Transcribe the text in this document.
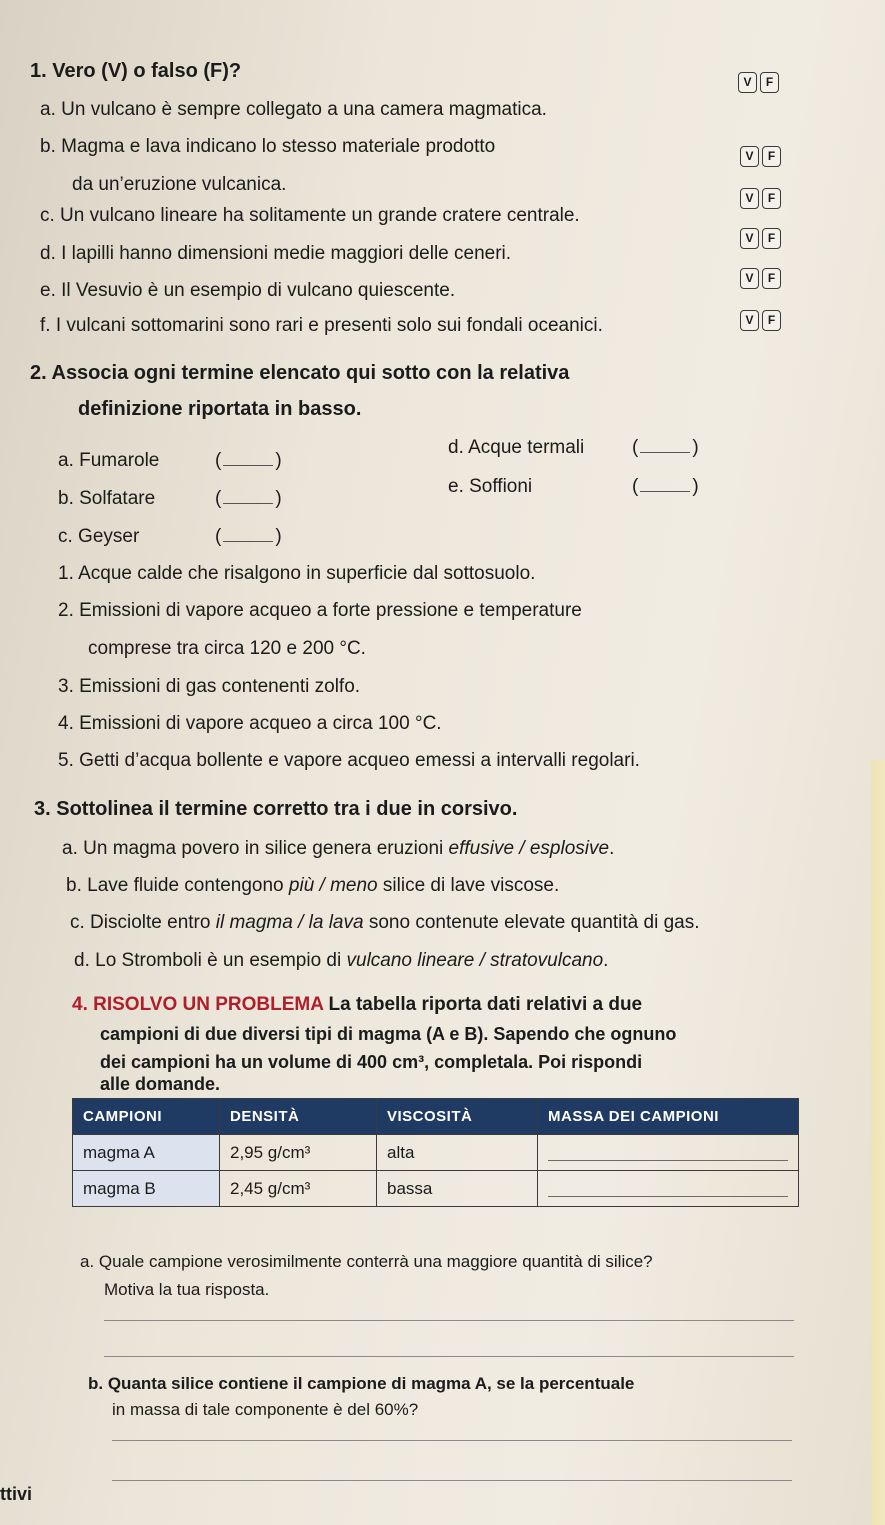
1. Vero (V) o falso (F)?
a. Un vulcano è sempre collegato a una camera magmatica.
V	F
b. Magma e lava indicano lo stesso materiale prodotto
da un’eruzione vulcanica.
V	F
c. Un vulcano lineare ha solitamente un grande cratere centrale.
V	F
d. I lapilli hanno dimensioni medie maggiori delle ceneri.
V	F
e. Il Vesuvio è un esempio di vulcano quiescente.
V	F
f. I vulcani sottomarini sono rari e presenti solo sui fondali oceanici.	V	F
2. Associa ogni termine elencato qui sotto con la relativa
definizione riportata in basso.
a. Fumarole	(	)
d. Acque termali	(	)
b. Solfatare	(	)
e. Soffioni	(	)
c. Geyser	(	)
1. Acque calde che risalgono in superficie dal sottosuolo.
2. Emissioni di vapore acqueo a forte pressione e temperature
comprese tra circa 120 e 200 °C.
3. Emissioni di gas contenenti zolfo.
4. Emissioni di vapore acqueo a circa 100 °C.
5. Getti d’acqua bollente e vapore acqueo emessi a intervalli regolari.
3. Sottolinea il termine corretto tra i due in corsivo.
a. Un magma povero in silice genera eruzioni effusive / esplosive.
b. Lave fluide contengono più / meno silice di lave viscose.
c. Disciolte entro il magma / la lava sono contenute elevate quantità di gas.
d. Lo Stromboli è un esempio di vulcano lineare / stratovulcano.
4. RISOLVO UN PROBLEMA La tabella riporta dati relativi a due
campioni di due diversi tipi di magma (A e B). Sapendo che ognuno
dei campioni ha un volume di 400 cm³, completala. Poi rispondi
alle domande.
CAMPIONI	DENSITÀ	VISCOSITÀ	MASSA DEI CAMPIONI
magma A	2,95 g/cm³	alta	

magma B	2,45 g/cm³	bassa	
a. Quale campione verosimilmente conterrà una maggiore quantità di silice?
Motiva la tua risposta.
b. Quanta silice contiene il campione di magma A, se la percentuale
in massa di tale componente è del 60%?
ttivi
